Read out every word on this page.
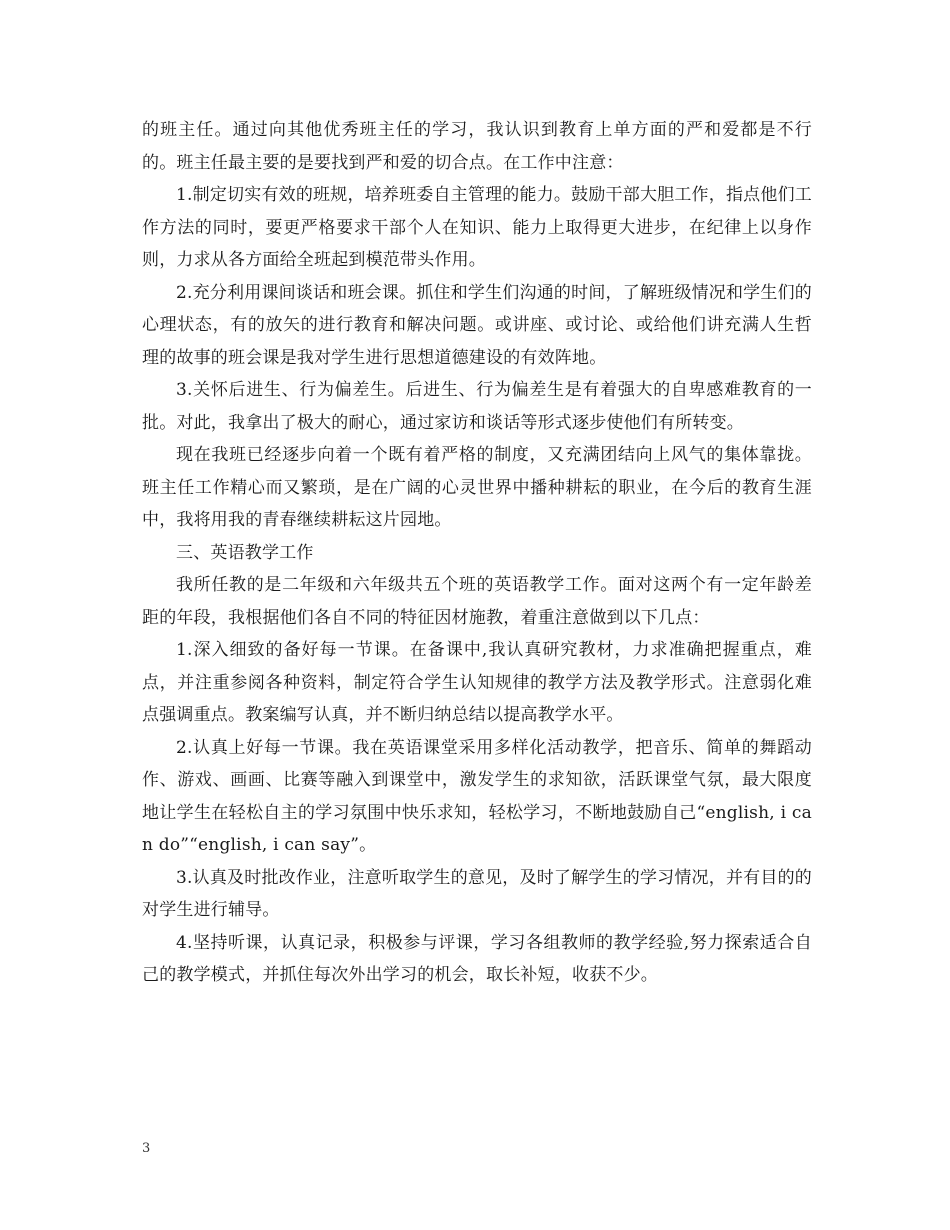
的班主任。通过向其他优秀班主任的学习，我认识到教育上单方面的严和爱都是不行的。班主任最主要的是要找到严和爱的切合点。在工作中注意：

1.制定切实有效的班规，培养班委自主管理的能力。鼓励干部大胆工作，指点他们工作方法的同时，要更严格要求干部个人在知识、能力上取得更大进步，在纪律上以身作则，力求从各方面给全班起到模范带头作用。

2.充分利用课间谈话和班会课。抓住和学生们沟通的时间，了解班级情况和学生们的心理状态，有的放矢的进行教育和解决问题。或讲座、或讨论、或给他们讲充满人生哲理的故事的班会课是我对学生进行思想道德建设的有效阵地。

3.关怀后进生、行为偏差生。后进生、行为偏差生是有着强大的自卑感难教育的一批。对此，我拿出了极大的耐心，通过家访和谈话等形式逐步使他们有所转变。

现在我班已经逐步向着一个既有着严格的制度，又充满团结向上风气的集体靠拢。班主任工作精心而又繁琐，是在广阔的心灵世界中播种耕耘的职业，在今后的教育生涯中，我将用我的青春继续耕耘这片园地。

三、英语教学工作

我所任教的是二年级和六年级共五个班的英语教学工作。面对这两个有一定年龄差距的年段，我根据他们各自不同的特征因材施教，着重注意做到以下几点：

1.深入细致的备好每一节课。在备课中,我认真研究教材，力求准确把握重点，难点，并注重参阅各种资料，制定符合学生认知规律的教学方法及教学形式。注意弱化难点强调重点。教案编写认真，并不断归纳总结以提高教学水平。

2.认真上好每一节课。我在英语课堂采用多样化活动教学，把音乐、简单的舞蹈动作、游戏、画画、比赛等融入到课堂中，激发学生的求知欲，活跃课堂气氛，最大限度地让学生在轻松自主的学习氛围中快乐求知，轻松学习，不断地鼓励自己“english, i can do”“english, i can say”。

3.认真及时批改作业，注意听取学生的意见，及时了解学生的学习情况，并有目的的对学生进行辅导。

4.坚持听课，认真记录，积极参与评课，学习各组教师的教学经验,努力探索适合自己的教学模式，并抓住每次外出学习的机会，取长补短，收获不少。

3
